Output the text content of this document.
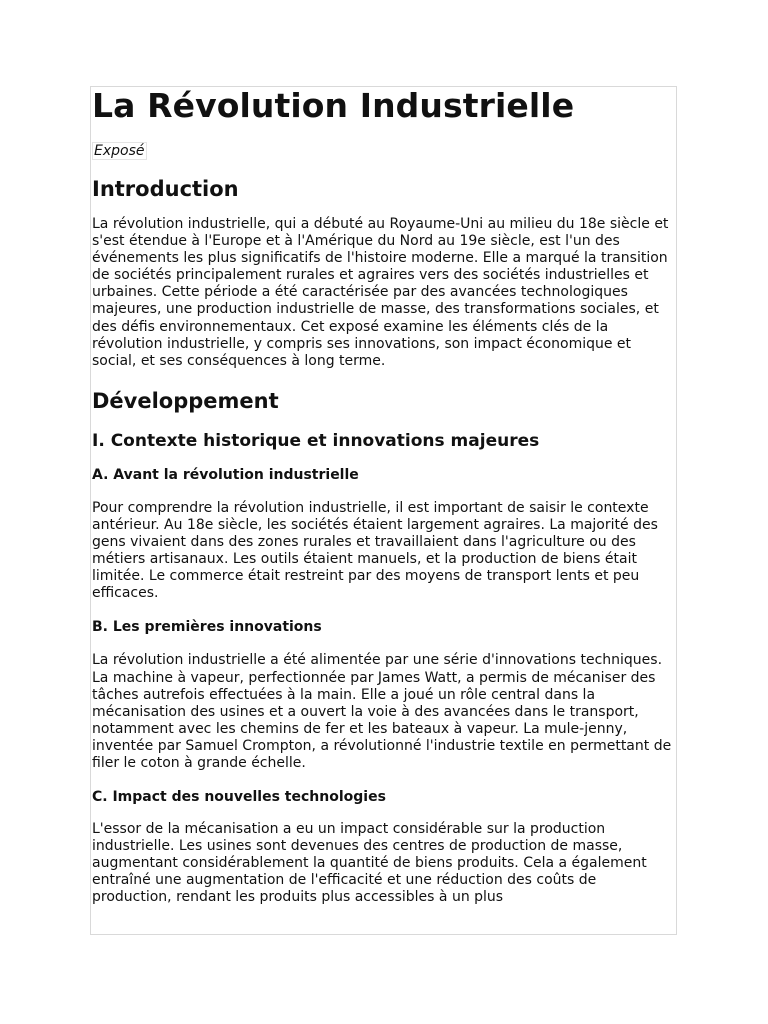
La Révolution Industrielle
Exposé
Introduction

La révolution industrielle, qui a débuté au Royaume-Uni au milieu du 18e siècle et s'est étendue à l'Europe et à l'Amérique du Nord au 19e siècle, est l'un des événements les plus significatifs de l'histoire moderne. Elle a marqué la transition de sociétés principalement rurales et agraires vers des sociétés industrielles et urbaines. Cette période a été caractérisée par des avancées technologiques majeures, une production industrielle de masse, des transformations sociales, et des défis environnementaux. Cet exposé examine les éléments clés de la révolution industrielle, y compris ses innovations, son impact économique et social, et ses conséquences à long terme.

Développement
I. Contexte historique et innovations majeures
A. Avant la révolution industrielle

Pour comprendre la révolution industrielle, il est important de saisir le contexte antérieur. Au 18e siècle, les sociétés étaient largement agraires. La majorité des gens vivaient dans des zones rurales et travaillaient dans l'agriculture ou des métiers artisanaux. Les outils étaient manuels, et la production de biens était limitée. Le commerce était restreint par des moyens de transport lents et peu efficaces.

B. Les premières innovations

La révolution industrielle a été alimentée par une série d'innovations techniques. La machine à vapeur, perfectionnée par James Watt, a permis de mécaniser des tâches autrefois effectuées à la main. Elle a joué un rôle central dans la mécanisation des usines et a ouvert la voie à des avancées dans le transport, notamment avec les chemins de fer et les bateaux à vapeur. La mule-jenny, inventée par Samuel Crompton, a révolutionné l'industrie textile en permettant de filer le coton à grande échelle.

C. Impact des nouvelles technologies

L'essor de la mécanisation a eu un impact considérable sur la production industrielle. Les usines sont devenues des centres de production de masse, augmentant considérablement la quantité de biens produits. Cela a également entraîné une augmentation de l'efficacité et une réduction des coûts de production, rendant les produits plus accessibles à un plus
